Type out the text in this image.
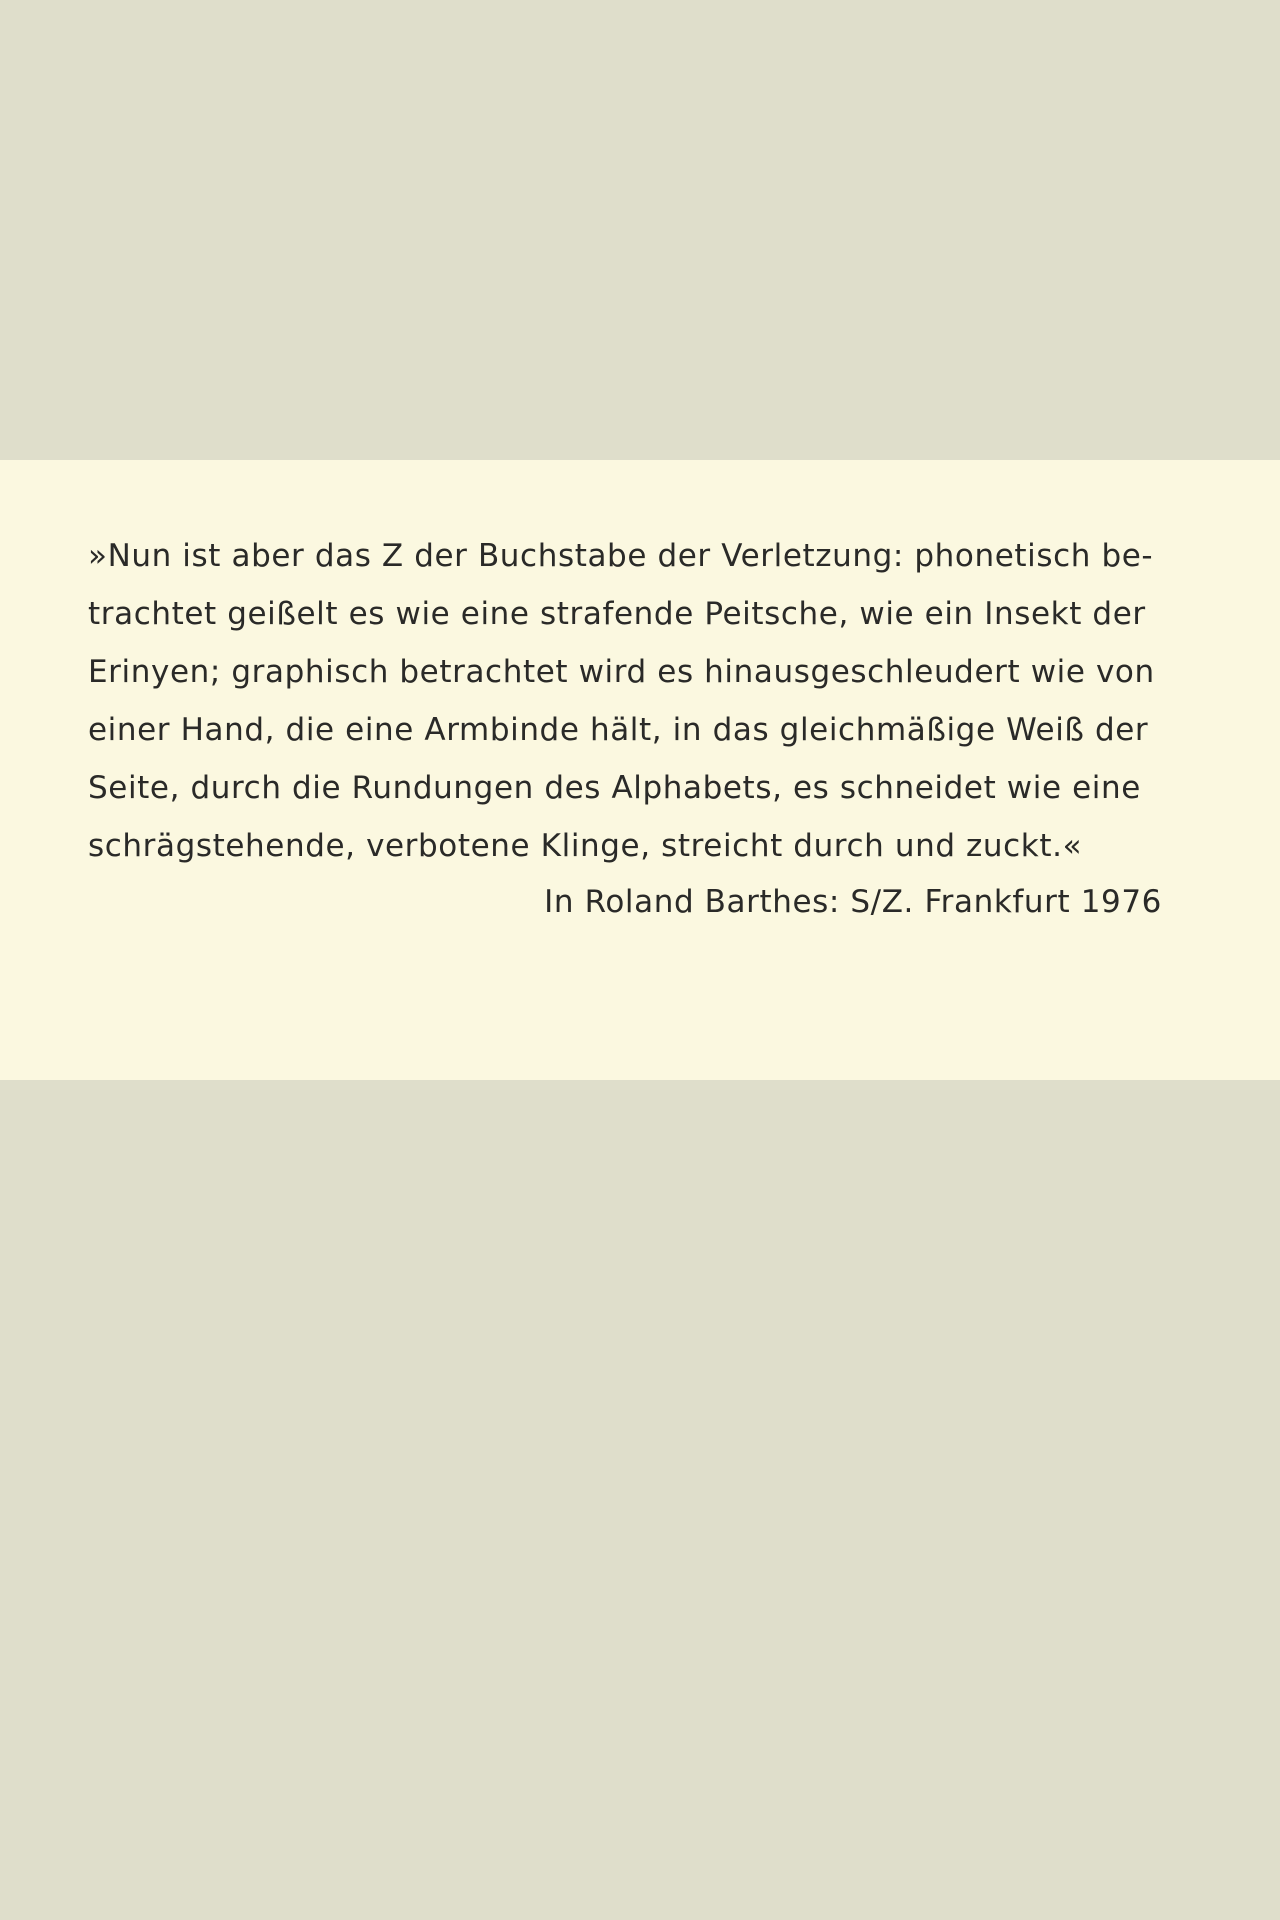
»Nun ist aber das Z der Buchstabe der Verletzung: phonetisch be-
trachtet geißelt es wie eine strafende Peitsche, wie ein Insekt der
Erinyen; graphisch betrachtet wird es hinausgeschleudert wie von
einer Hand, die eine Armbinde hält, in das gleichmäßige Weiß der
Seite, durch die Rundungen des Alphabets, es schneidet wie eine
schrägstehende, verbotene Klinge, streicht durch und zuckt.«

In Roland Barthes: S/Z. Frankfurt 1976
